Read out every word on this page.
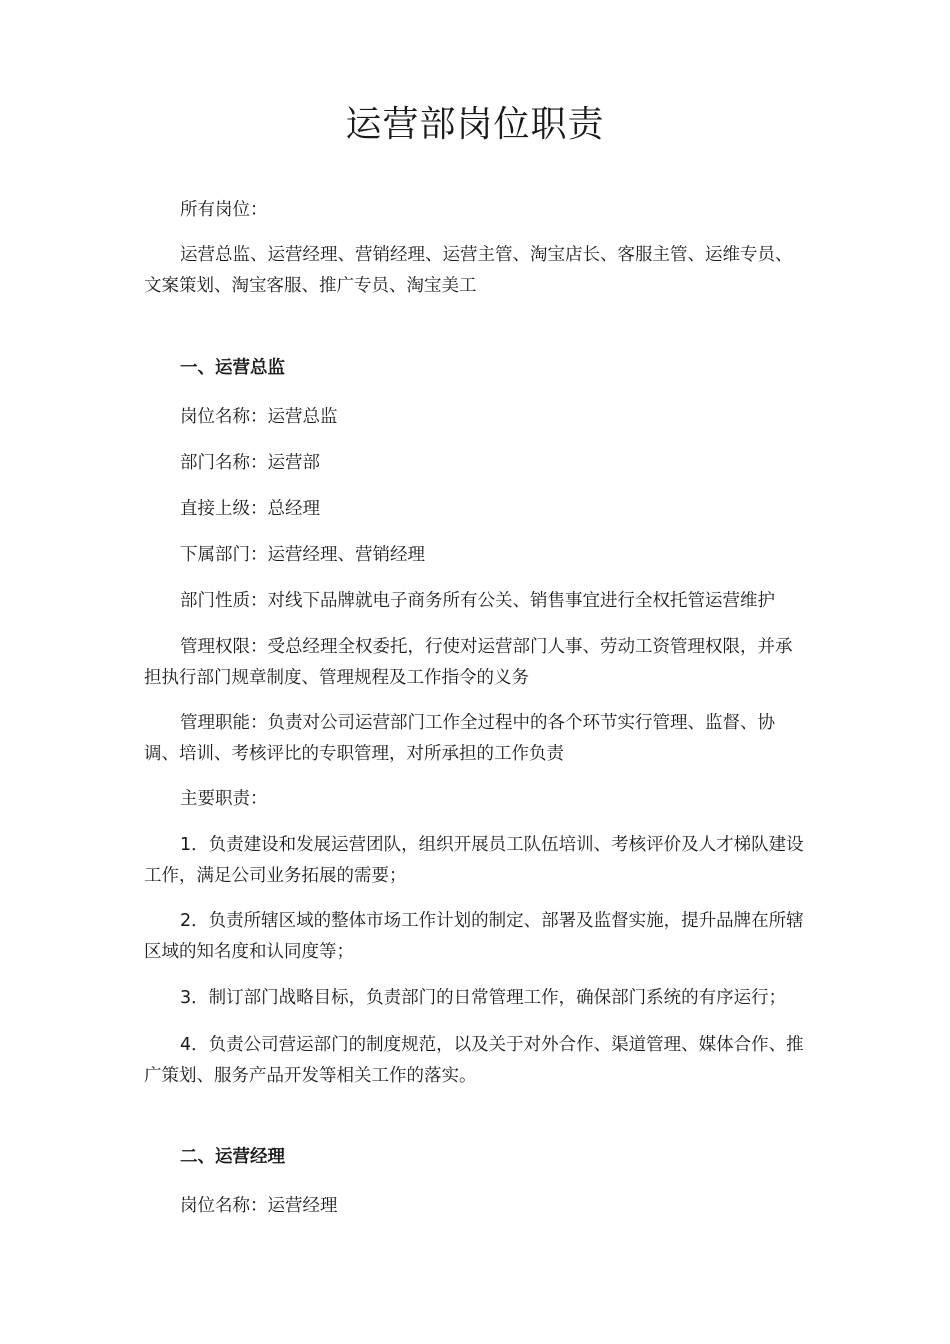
运营部岗位职责

所有岗位：

运营总监、运营经理、营销经理、运营主管、淘宝店长、客服主管、运维专员、文案策划、淘宝客服、推广专员、淘宝美工

一、运营总监

岗位名称：运营总监

部门名称：运营部

直接上级：总经理

下属部门：运营经理、营销经理

部门性质：对线下品牌就电子商务所有公关、销售事宜进行全权托管运营维护

管理权限：受总经理全权委托，行使对运营部门人事、劳动工资管理权限，并承担执行部门规章制度、管理规程及工作指令的义务

管理职能：负责对公司运营部门工作全过程中的各个环节实行管理、监督、协调、培训、考核评比的专职管理，对所承担的工作负责

主要职责：

1．负责建设和发展运营团队，组织开展员工队伍培训、考核评价及人才梯队建设工作，满足公司业务拓展的需要；

2．负责所辖区域的整体市场工作计划的制定、部署及监督实施，提升品牌在所辖区域的知名度和认同度等；

3．制订部门战略目标，负责部门的日常管理工作，确保部门系统的有序运行；

4．负责公司营运部门的制度规范，以及关于对外合作、渠道管理、媒体合作、推广策划、服务产品开发等相关工作的落实。

二、运营经理

岗位名称：运营经理
